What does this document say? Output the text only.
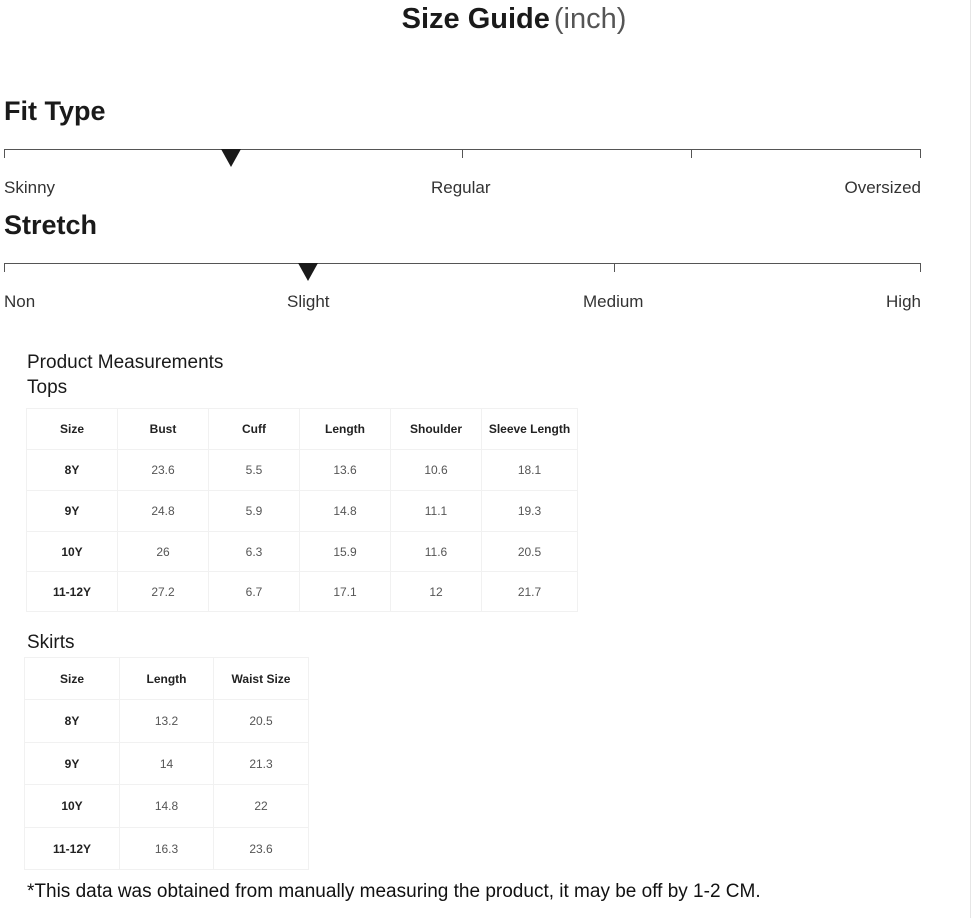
Size Guide (inch)
Fit Type
Skinny	Regular	Oversized
Stretch
Non	Slight	Medium	High
Product Measurements
Tops
Size	Bust	Cuff	Length	Shoulder	Sleeve Length
8Y	23.6	5.5	13.6	10.6	18.1
9Y	24.8	5.9	14.8	11.1	19.3
10Y	26	6.3	15.9	11.6	20.5
11-12Y	27.2	6.7	17.1	12	21.7
Skirts
Size	Length	Waist Size
8Y	13.2	20.5
9Y	14	21.3
10Y	14.8	22
11-12Y	16.3	23.6
*This data was obtained from manually measuring the product, it may be off by 1-2 CM.
